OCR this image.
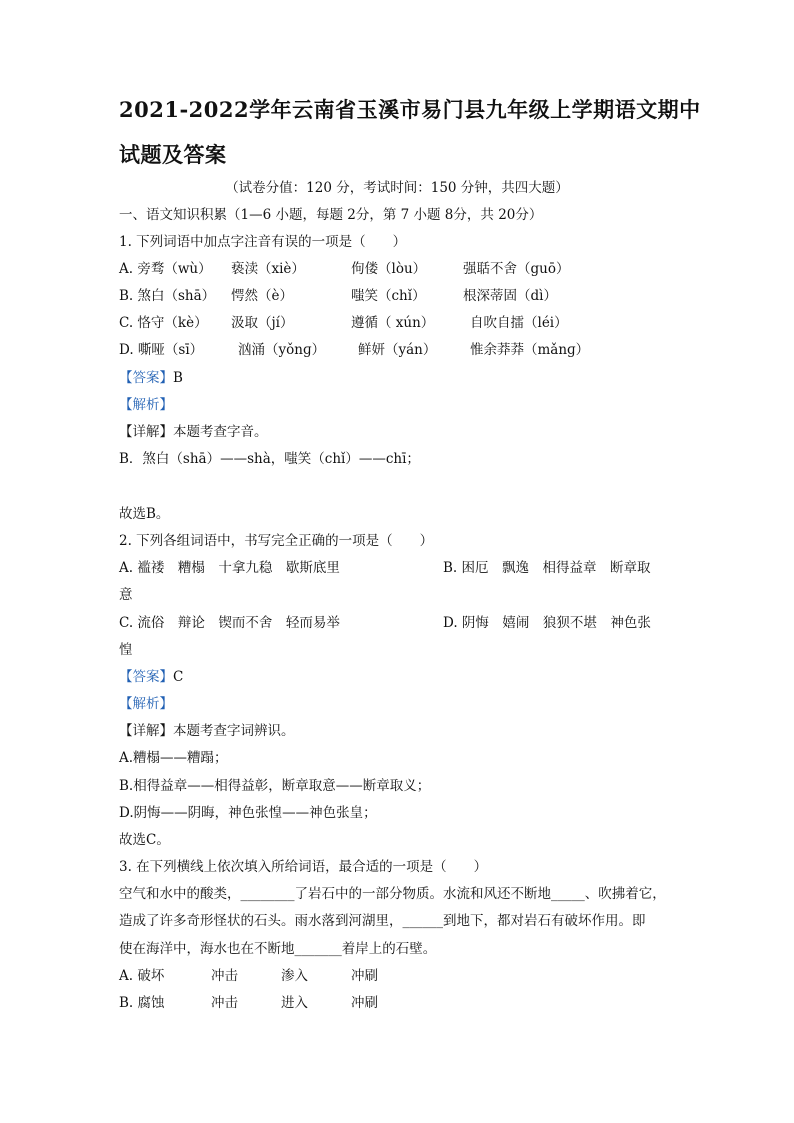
2021-2022学年云南省玉溪市易门县九年级上学期语文期中
试题及答案
（试卷分值：120 分，考试时间：150 分钟，共四大题）
一、语文知识积累（1—6 小题，每题 2分，第 7 小题 8分，共 20分）
1. 下列词语中加点字注音有误的一项是（　　）
A. 旁骛（wù） 亵渎（xiè）	佝偻（lòu）	强聒不舍（guō）
B. 煞白（shā） 愕然（è）	嗤笑（chǐ）	根深蒂固（dì）
C. 恪守（kè） 汲取（jí）	遵循（ xún）	自吹自擂（léi）
D. 嘶哑（sī）	汹涌（yǒnɡ） 鲜妍（yán） 惟余莽莽（mǎnɡ）
【答案】B
【解析】
【详解】本题考查字音。
B．煞白（shā）——shà，嗤笑（chǐ）——chī；
故选B。
2. 下列各组词语中，书写完全正确的一项是（　　）
A. 褴褛　糟榻　十拿九稳　歇斯底里	B. 困厄　飘逸　相得益章　断章取
意
C. 流俗　辩论　锲而不舍　轻而易举	D. 阴悔　嬉闹　狼狈不堪　神色张
惶
【答案】C
【解析】
【详解】本题考查字词辨识。
A.糟榻——糟蹋；
B.相得益章——相得益彰，断章取意——断章取义；
D.阴悔——阴晦，神色张惶——神色张皇；
故选C。
3. 在下列横线上依次填入所给词语，最合适的一项是（　　）
空气和水中的酸类，________了岩石中的一部分物质。水流和风还不断地_____、吹拂着它，
造成了许多奇形怪状的石头。雨水落到河湖里，______到地下，都对岩石有破坏作用。即
使在海洋中，海水也在不断地_______着岸上的石壁。
A. 破坏	冲击	渗入	冲刷
B. 腐蚀	冲击	进入	冲刷
